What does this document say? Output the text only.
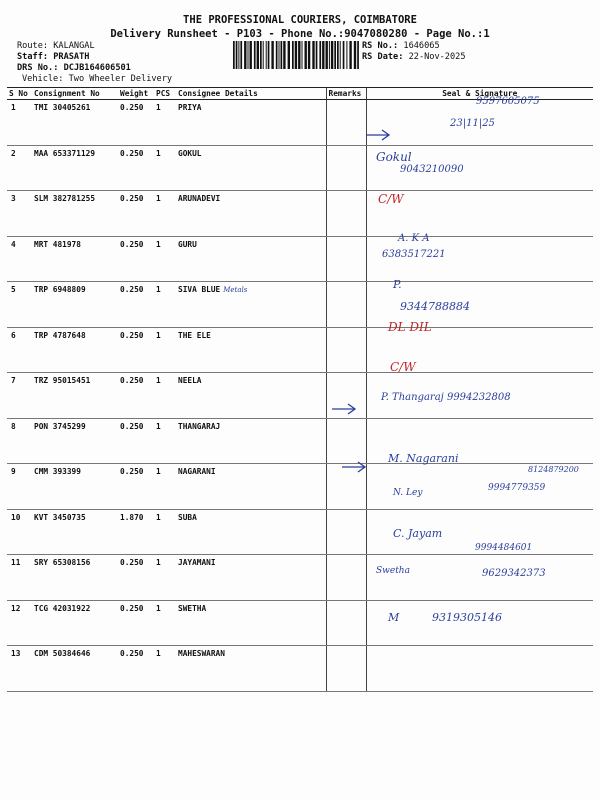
THE PROFESSIONAL COURIERS, COIMBATORE
Delivery Runsheet - P103 - Phone No.:9047080280 - Page No.:1
Route: KALANGAL
Staff: PRASATH
DRS No.: DCJB164606501
Vehicle: Two Wheeler Delivery
RS No.: 1646065
RS Date: 22-Nov-2025
S No	Consignment No	Weight	PCS	Consignee Details	Remarks	Seal & Signature
1	TMI 30405261	0.250	1	PRIYA		
2	MAA 653371129	0.250	1	GOKUL		
3	SLM 382781255	0.250	1	ARUNADEVI		
4	MRT 481978	0.250	1	GURU		
5	TRP 6948809	0.250	1	SIVA BLUE Metals		
6	TRP 4787648	0.250	1	THE ELE		
7	TRZ 95015451	0.250	1	NEELA		
8	PON 3745299	0.250	1	THANGARAJ		
9	CMM 393399	0.250	1	NAGARANI		
10	KVT 3450735	1.870	1	SUBA		
11	SRY 65308156	0.250	1	JAYAMANI		
12	TCG 42031922	0.250	1	SWETHA		
13	CDM 50384646	0.250	1	MAHESWARAN		
9597605075
23|11|25
Gokul
9043210090
C/W
A. K A
6383517221
P.
9344788884
DL DIL
C/W
P. Thangaraj 9994232808
M. Nagarani
8124879200
N. Ley	9994779359
C. Jayam
9994484601
Swetha	9629342373
M	9319305146
